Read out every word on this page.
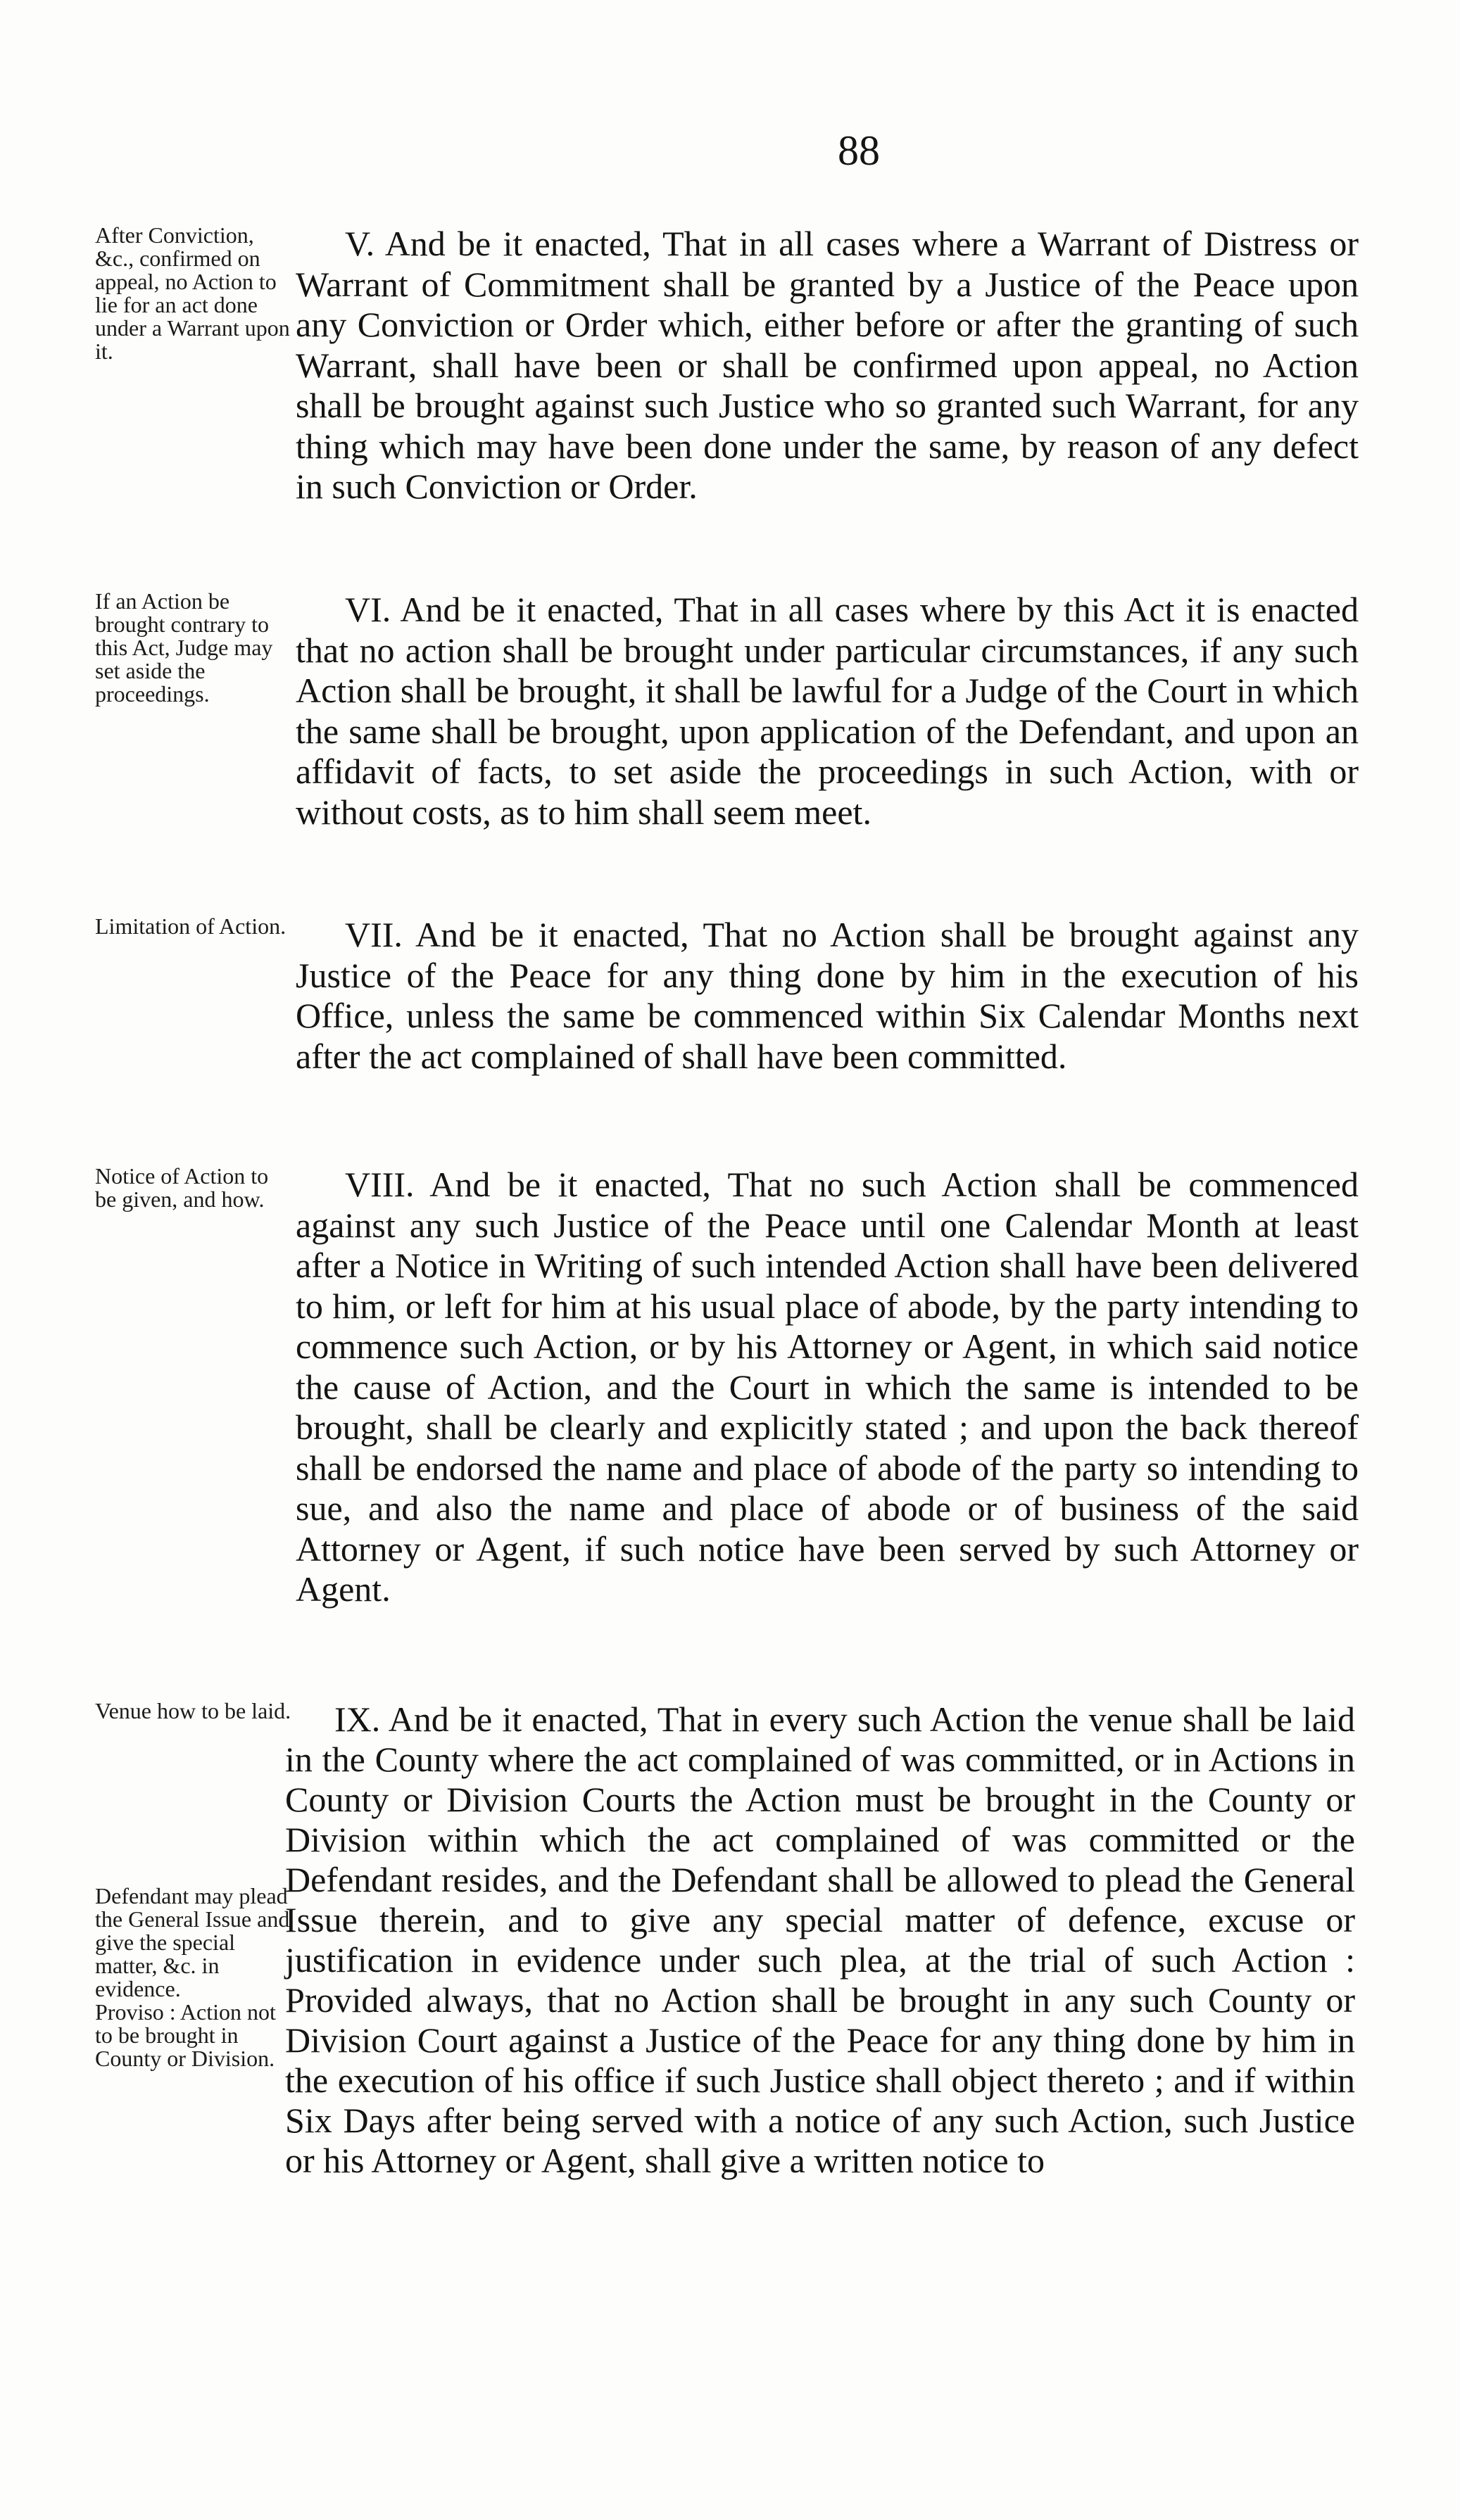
88
After Conviction, &c., confirmed on appeal, no Action to lie for an act done under a Warrant upon it.
V. And be it enacted, That in all cases where a Warrant of Distress or Warrant of Commitment shall be granted by a Justice of the Peace upon any Conviction or Order which, either before or after the granting of such Warrant, shall have been or shall be confirmed upon appeal, no Action shall be brought against such Justice who so granted such Warrant, for any thing which may have been done under the same, by reason of any defect in such Conviction or Order.
If an Action be brought contrary to this Act, Judge may set aside the proceedings.
VI. And be it enacted, That in all cases where by this Act it is enacted that no action shall be brought under particular circumstances, if any such Action shall be brought, it shall be lawful for a Judge of the Court in which the same shall be brought, upon application of the Defendant, and upon an affidavit of facts, to set aside the proceedings in such Action, with or without costs, as to him shall seem meet.
Limitation of Action.	VII. And be it enacted, That no Action shall be brought against any Justice of the Peace for any thing done by him in the execution of his Office, unless the same be commenced within Six Calendar Months next after the act complained of shall have been committed.
Notice of Action to be given, and how.	VIII. And be it enacted, That no such Action shall be commenced against any such Justice of the Peace until one Calendar Month at least after a Notice in Writing of such intended Action shall have been delivered to him, or left for him at his usual place of abode, by the party intending to commence such Action, or by his Attorney or Agent, in which said notice the cause of Action, and the Court in which the same is intended to be brought, shall be clearly and explicitly stated ; and upon the back thereof shall be endorsed the name and place of abode of the party so intending to sue, and also the name and place of abode or of business of the said Attorney or Agent, if such notice have been served by such Attorney or Agent.
Venue how to be laid.
Defendant may plead the General Issue and give the special matter, &c. in evidence.
Proviso : Action not to be brought in County or Division.
IX. And be it enacted, That in every such Action the venue shall be laid in the County where the act complained of was committed, or in Actions in County or Division Courts the Action must be brought in the County or Division within which the act complained of was committed or the Defendant resides, and the Defendant shall be allowed to plead the General Issue therein, and to give any special matter of defence, excuse or justification in evidence under such plea, at the trial of such Action : Provided always, that no Action shall be brought in any such County or Division Court against a Justice of the Peace for any thing done by him in the execution of his office if such Justice shall object thereto ; and if within Six Days after being served with a notice of any such Action, such Justice or his Attorney or Agent, shall give a written notice to
